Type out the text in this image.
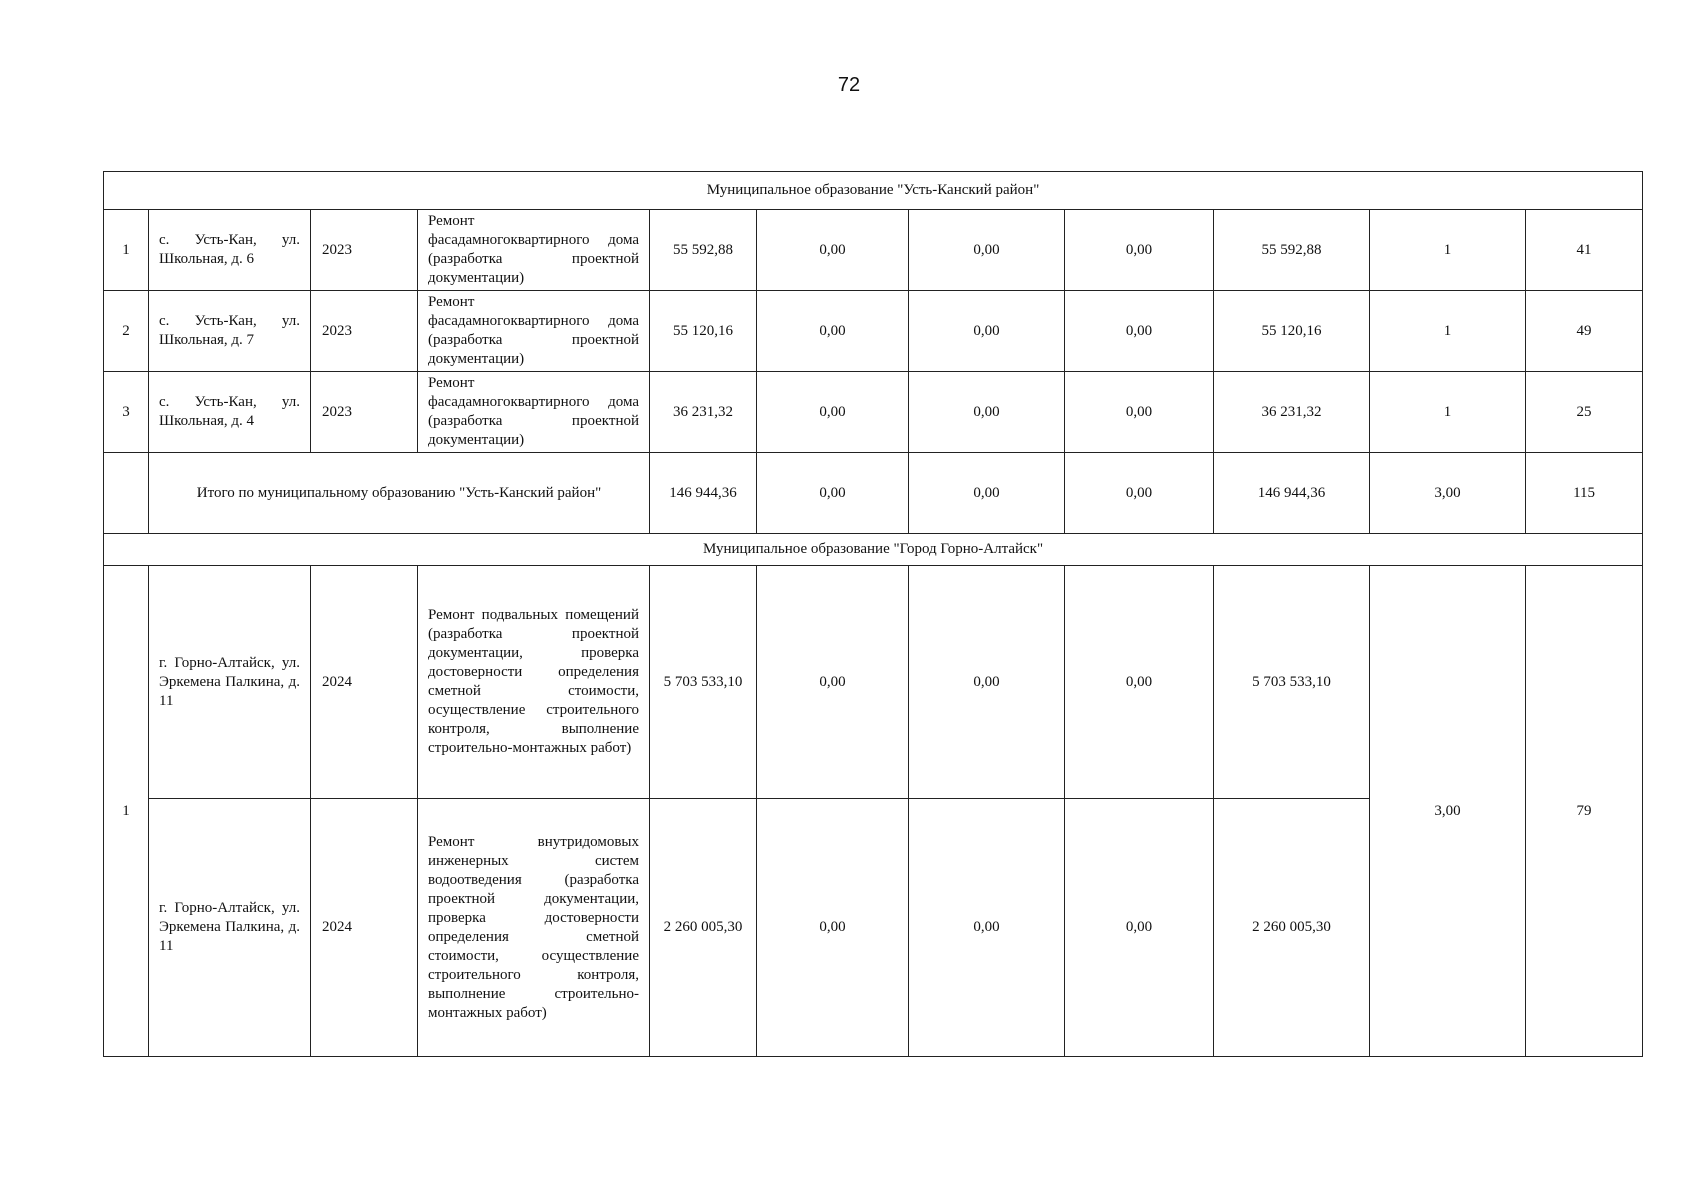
72
Муниципальное образование "Усть-Канский район"										
1	с. Усть-Кан, ул. Школьная, д. 6	2023	Ремонт фасадамногоквартирного дома (разработка проектной документации)	55 592,88	0,00	0,00	0,00	55 592,88	1	41
2	с. Усть-Кан, ул. Школьная, д. 7	2023	Ремонт фасадамногоквартирного дома (разработка проектной документации)	55 120,16	0,00	0,00	0,00	55 120,16	1	49
3	с. Усть-Кан, ул. Школьная, д. 4	2023	Ремонт фасадамногоквартирного дома (разработка проектной документации)	36 231,32	0,00	0,00	0,00	36 231,32	1	25
	Итого по муниципальному образованию "Усть-Канский район"			146 944,36	0,00	0,00	0,00	146 944,36	3,00	115
Муниципальное образование "Город Горно-Алтайск"										
1	г. Горно-Алтайск, ул. Эркемена Палкина, д. 11	2024	Ремонт подвальных помещений (разработка проектной документации, проверка достоверности определения сметной стоимости, осуществление строительного контроля, выполнение строительно-монтажных работ)	5 703 533,10	0,00	0,00	0,00	5 703 533,10	3,00	79
	г. Горно-Алтайск, ул. Эркемена Палкина, д. 11	2024	Ремонт внутридомовых инженерных систем водоотведения (разработка проектной документации, проверка достоверности определения сметной стоимости, осуществление строительного контроля, выполнение строительно-монтажных работ)	2 260 005,30	0,00	0,00	0,00	2 260 005,30		
